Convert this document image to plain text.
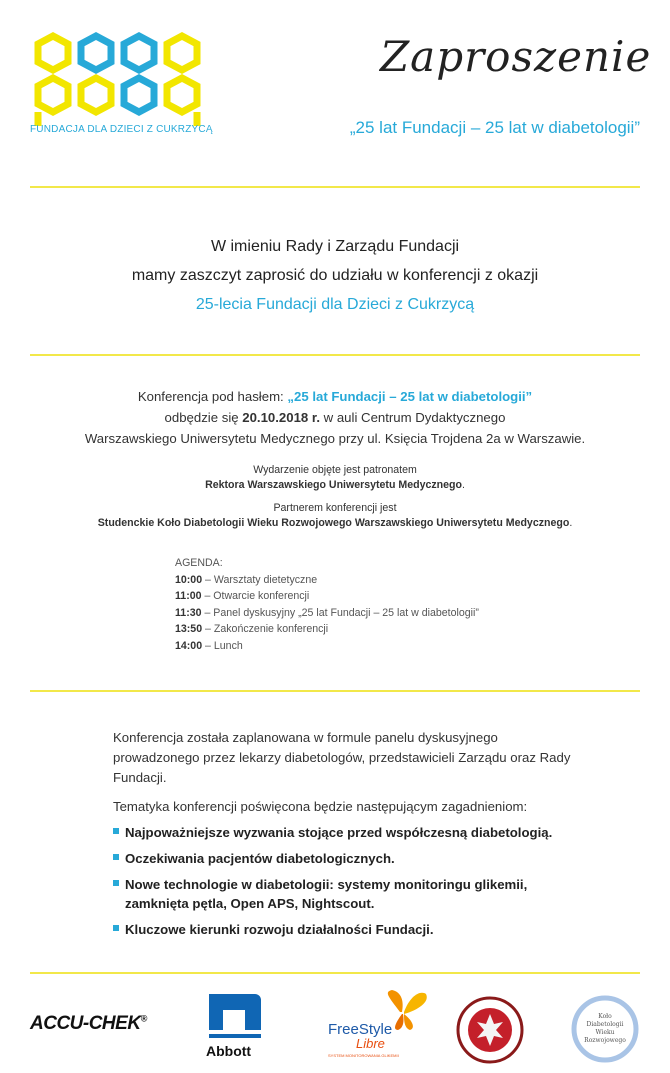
FUNDACJA DLA DZIECI Z CUKRZYCĄ
Zaproszenie
„25 lat Fundacji – 25 lat w diabetologii”
W imieniu Rady i Zarządu Fundacji
mamy zaszczyt zaprosić do udziału w konferencji z okazji
25-lecia Fundacji dla Dzieci z Cukrzycą
Konferencja pod hasłem: „25 lat Fundacji – 25 lat w diabetologii”
odbędzie się 20.10.2018 r. w auli Centrum Dydaktycznego
Warszawskiego Uniwersytetu Medycznego przy ul. Księcia Trojdena 2a w Warszawie.
Wydarzenie objęte jest patronatem
Rektora Warszawskiego Uniwersytetu Medycznego.
Partnerem konferencji jest
Studenckie Koło Diabetologii Wieku Rozwojowego Warszawskiego Uniwersytetu Medycznego.
AGENDA:
10:00 – Warsztaty dietetyczne
11:00 – Otwarcie konferencji
11:30 – Panel dyskusyjny „25 lat Fundacji – 25 lat w diabetologii”
13:50 – Zakończenie konferencji
14:00 – Lunch
Konferencja została zaplanowana w formule panelu dyskusyjnego prowadzonego przez lekarzy diabetologów, przedstawicieli Zarządu oraz Rady Fundacji.
Tematyka konferencji poświęcona będzie następującym zagadnieniom:
Najpoważniejsze wyzwania stojące przed współczesną diabetologią.
Oczekiwania pacjentów diabetologicznych.
Nowe technologie w diabetologii: systemy monitoringu glikemii, zamknięta pętla, Open APS, Nightscout.
Kluczowe kierunki rozwoju działalności Fundacji.
ACCU-CHEK®
Abbott
FreeStyle
Libre
SYSTEM MONITOROWANIA GLIKEMII
Koło
Diabetologii
Wieku
Rozwojowego
